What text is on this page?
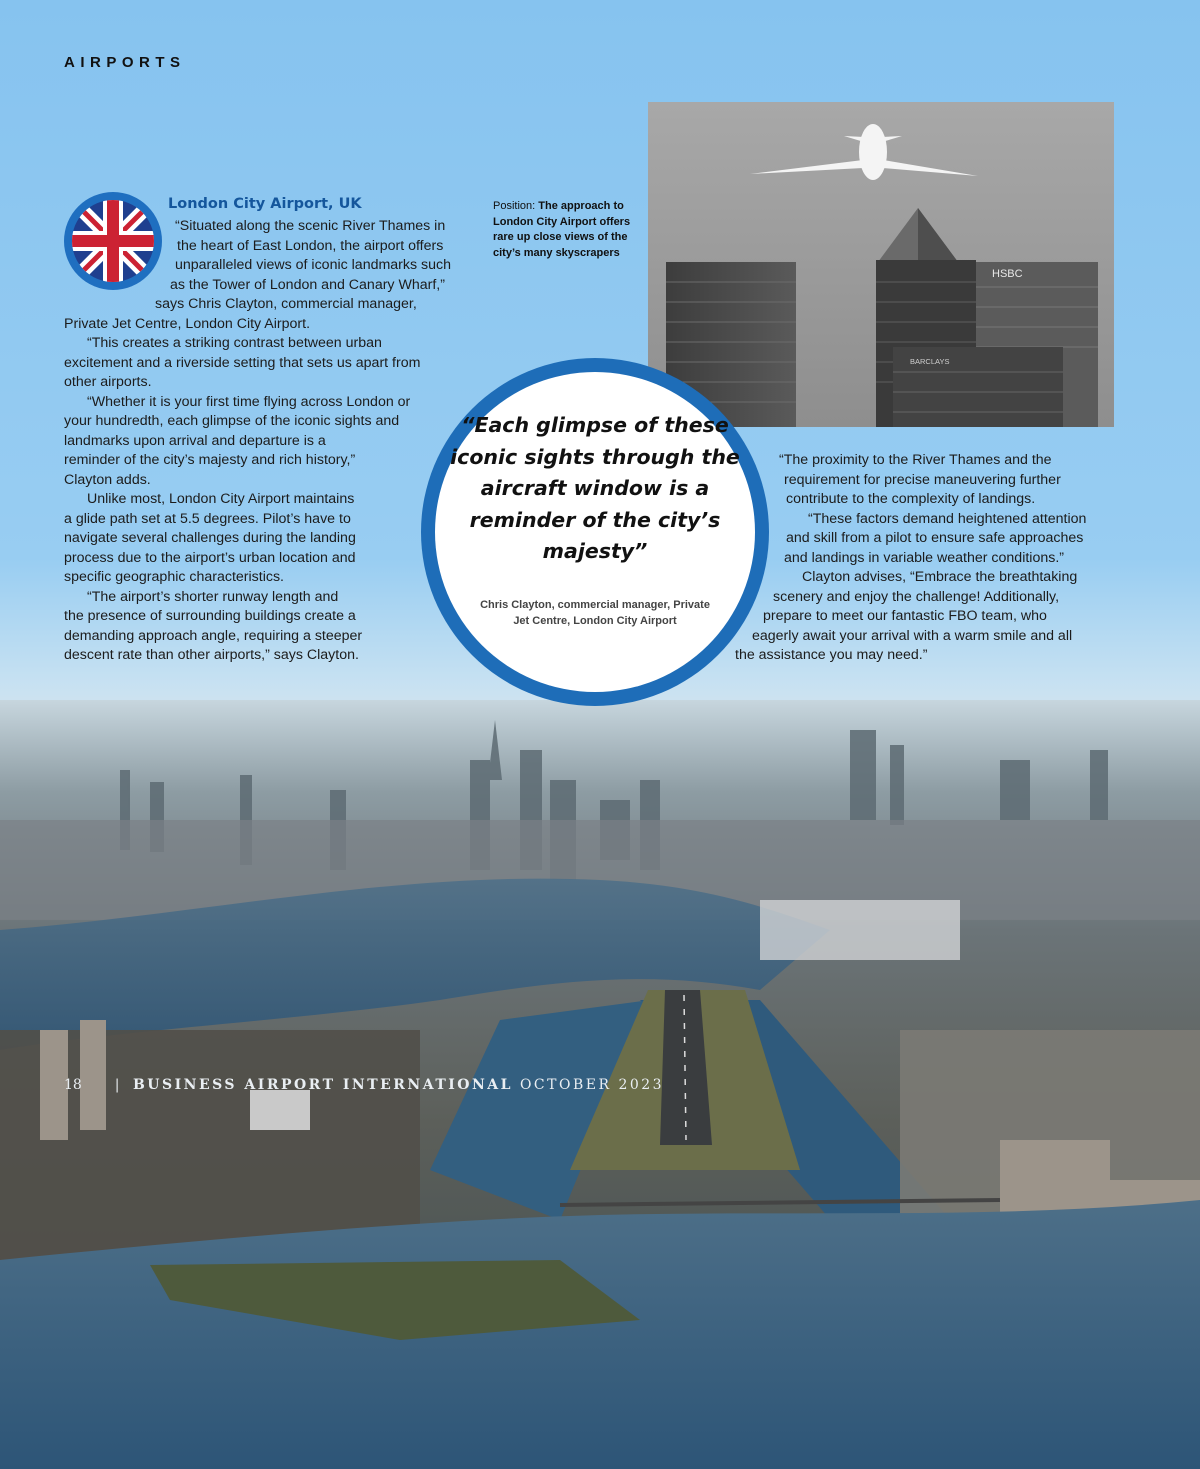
AIRPORTS
London City Airport, UK
“Situated along the scenic River Thames in
the heart of East London, the airport offers
unparalleled views of iconic landmarks such
as the Tower of London and Canary Wharf,”
says Chris Clayton, commercial manager,
Private Jet Centre, London City Airport.
“This creates a striking contrast between urban
excitement and a riverside setting that sets us apart from
other airports.
“Whether it is your first time flying across London or
your hundredth, each glimpse of the iconic sights and
landmarks upon arrival and departure is a
reminder of the city’s majesty and rich history,”
Clayton adds.
Unlike most, London City Airport maintains
a glide path set at 5.5 degrees. Pilot’s have to
navigate several challenges during the landing
process due to the airport’s urban location and
specific geographic characteristics.
“The airport’s shorter runway length and
the presence of surrounding buildings create a
demanding approach angle, requiring a steeper
descent rate than other airports,” says Clayton.
Position: The approach to London City Airport offers rare up close views of the city’s many skyscrapers
HSBC
BARCLAYS
“Each glimpse of these iconic sights through the aircraft window is a reminder of the city’s majesty”
Chris Clayton, commercial manager, Private Jet Centre, London City Airport
“The proximity to the River Thames and the
requirement for precise maneuvering further
contribute to the complexity of landings.
“These factors demand heightened attention
and skill from a pilot to ensure safe approaches
and landings in variable weather conditions.”
Clayton advises, “Embrace the breathtaking
scenery and enjoy the challenge! Additionally,
prepare to meet our fantastic FBO team, who
eagerly await your arrival with a warm smile and all
the assistance you may need.”
18 | BUSINESS AIRPORT INTERNATIONAL OCTOBER 2023
